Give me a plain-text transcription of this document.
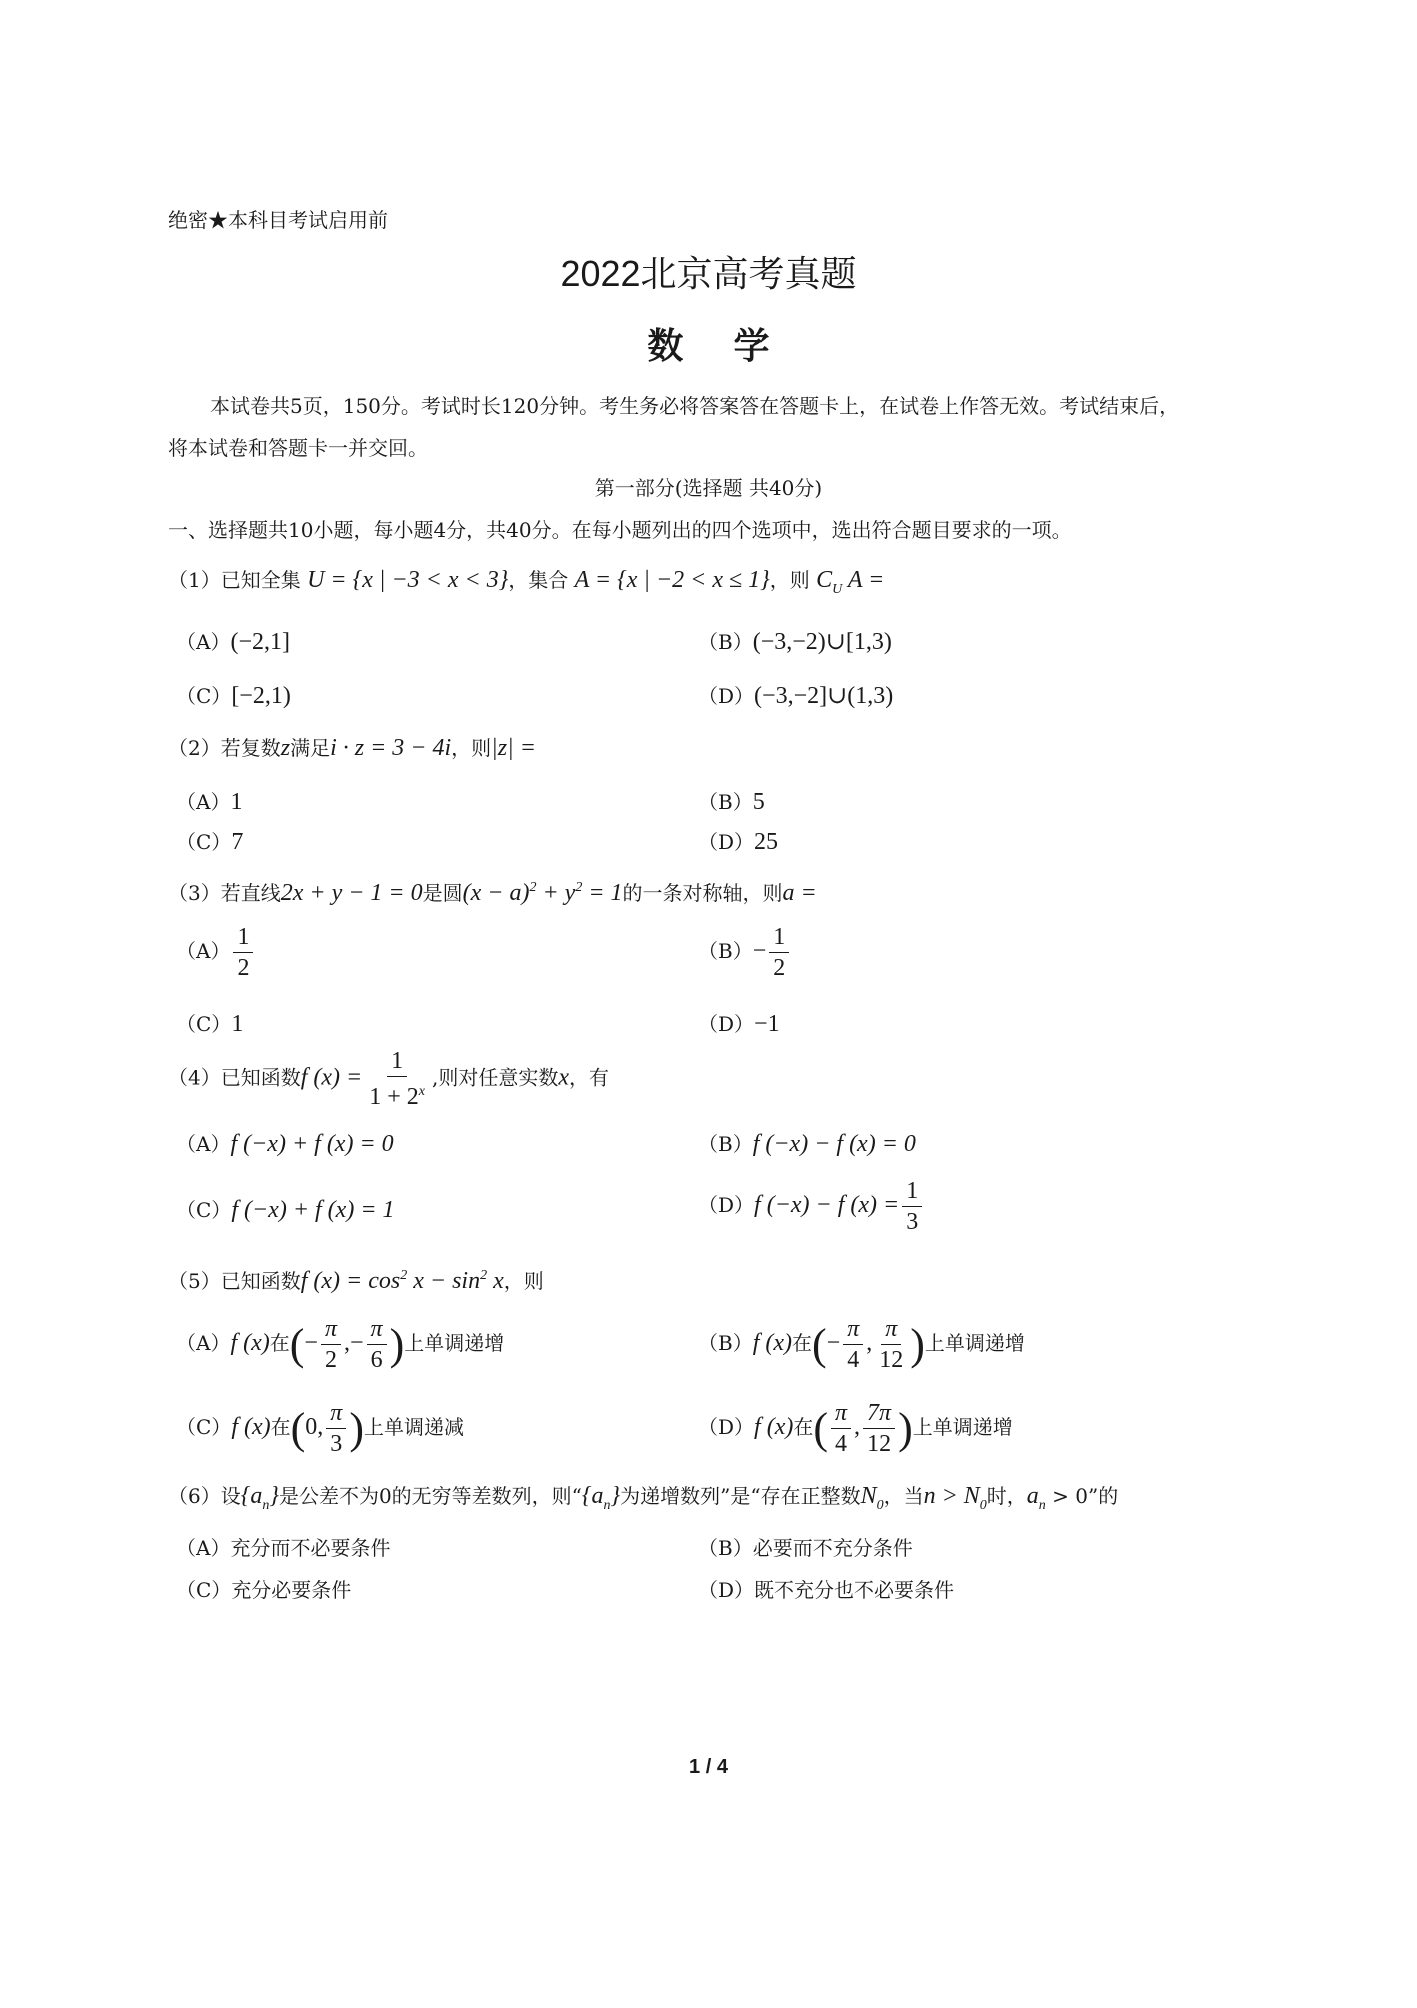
绝密★本科目考试启用前
2022北京高考真题
数    学
本试卷共5页，150分。考试时长120分钟。考生务必将答案答在答题卡上，在试卷上作答无效。考试结束后，
将本试卷和答题卡一并交回。
第一部分(选择题 共40分)
一、选择题共10小题，每小题4分，共40分。在每小题列出的四个选项中，选出符合题目要求的一项。
（1）已知全集 U = {x | −3 < x < 3}，集合 A = {x | −2 < x ≤ 1}，则 $C_U$ A =
（A）(−2,1]	（B）(−3,−2)∪[1,3)
（C）[−2,1)	（D）(−3,−2]∪(1,3)
（2）若复数z满足i · z = 3 − 4i，则|z| =
（A）1	（B）5
（C）7	（D）25
（3）若直线2x + y − 1 = 0是圆$(x - a)^2 + y^2 = 1$的一条对称轴，则a =
$(A) \frac{1}{2}$	$(B)- \frac{1}{2}$
（C）1	（D）−1
（4）已知函数f $(x) = \frac{1}{1 + 2^x}$ ,则对任意实数x，有
（A）f (−x) + f (x) = 0	（B）f (−x) − f (x) = 0
（C）f (−x) + f (x) = 1	（D）f (−x) − f $(x) = \frac{1}{3}$
（5）已知函数f $(x) = \cos^2 x - \sin^2 x$，则
（A）f (x)在(− $\frac{\pi}{2}$ ,− $\frac{\pi}{6}$ )上单调递增	（B）f (x)在(− $\frac{\pi}{4}$ , $\frac{\pi}{12}$ )上单调递增
（C）f (x)在(0, $\frac{\pi}{3}$ )上单调递减	（D）f (x)在( $\frac{\pi}{4}$ , $\frac{7\pi}{12}$ )上单调递增
（6）设$\{a_n\}$是公差不为0的无穷等差数列，则“$\{a_n\}$为递增数列”是“存在正整数$N_0$，当$n > N_0$时，$a_n > 0$”的
（A）充分而不必要条件	（B）必要而不充分条件
（C）充分必要条件	（D）既不充分也不必要条件
1 / 4
